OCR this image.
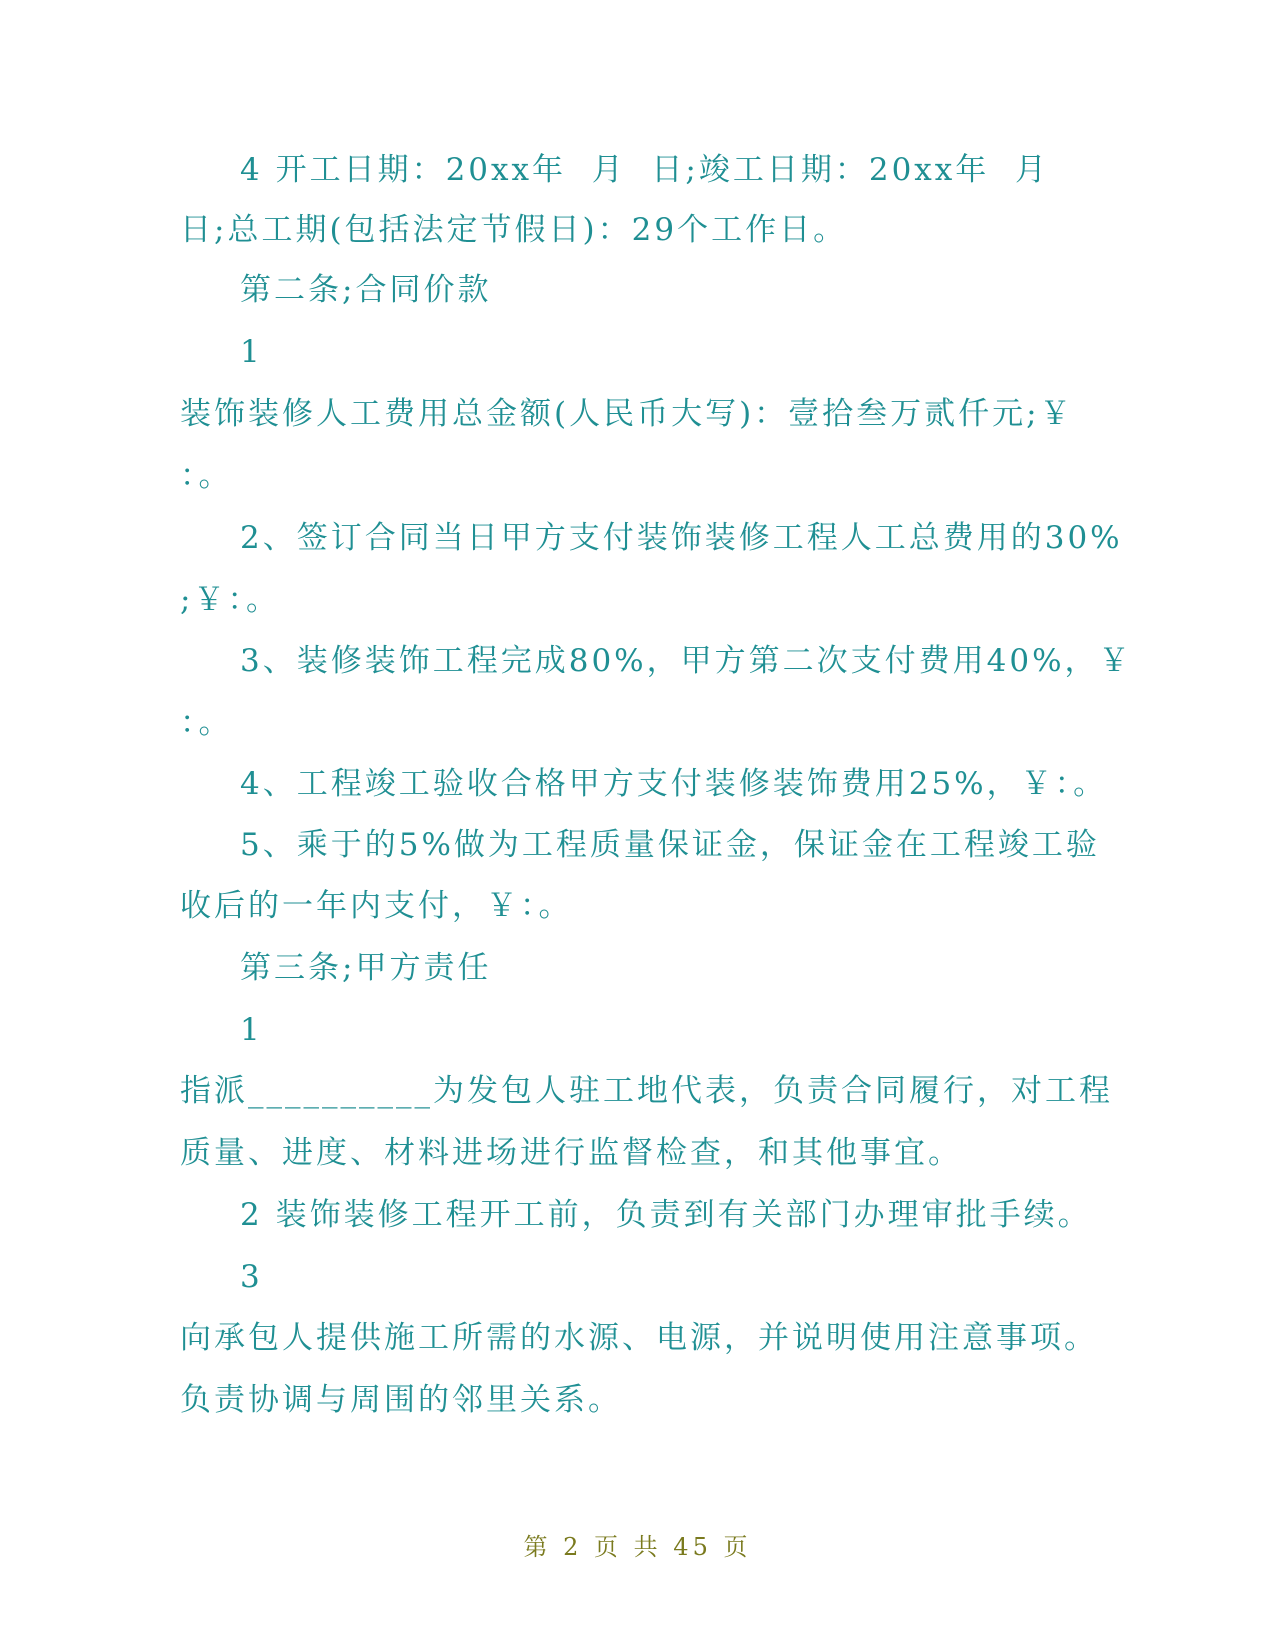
4 开工日期：20xx年  月  日;竣工日期：20xx年  月
日;总工期(包括法定节假日)：29个工作日。
第二条;合同价款
1
装饰装修人工费用总金额(人民币大写)：壹拾叁万贰仟元;￥
：。
2、签订合同当日甲方支付装饰装修工程人工总费用的30%
;￥：。
3、装修装饰工程完成80%，甲方第二次支付费用40%，￥
：。
4、工程竣工验收合格甲方支付装修装饰费用25%，￥：。
5、乘于的5%做为工程质量保证金，保证金在工程竣工验
收后的一年内支付，￥：。
第三条;甲方责任
1
指派__________为发包人驻工地代表，负责合同履行，对工程
质量、进度、材料进场进行监督检查，和其他事宜。
2 装饰装修工程开工前，负责到有关部门办理审批手续。
3
向承包人提供施工所需的水源、电源，并说明使用注意事项。
负责协调与周围的邻里关系。
第 2 页 共 45 页
